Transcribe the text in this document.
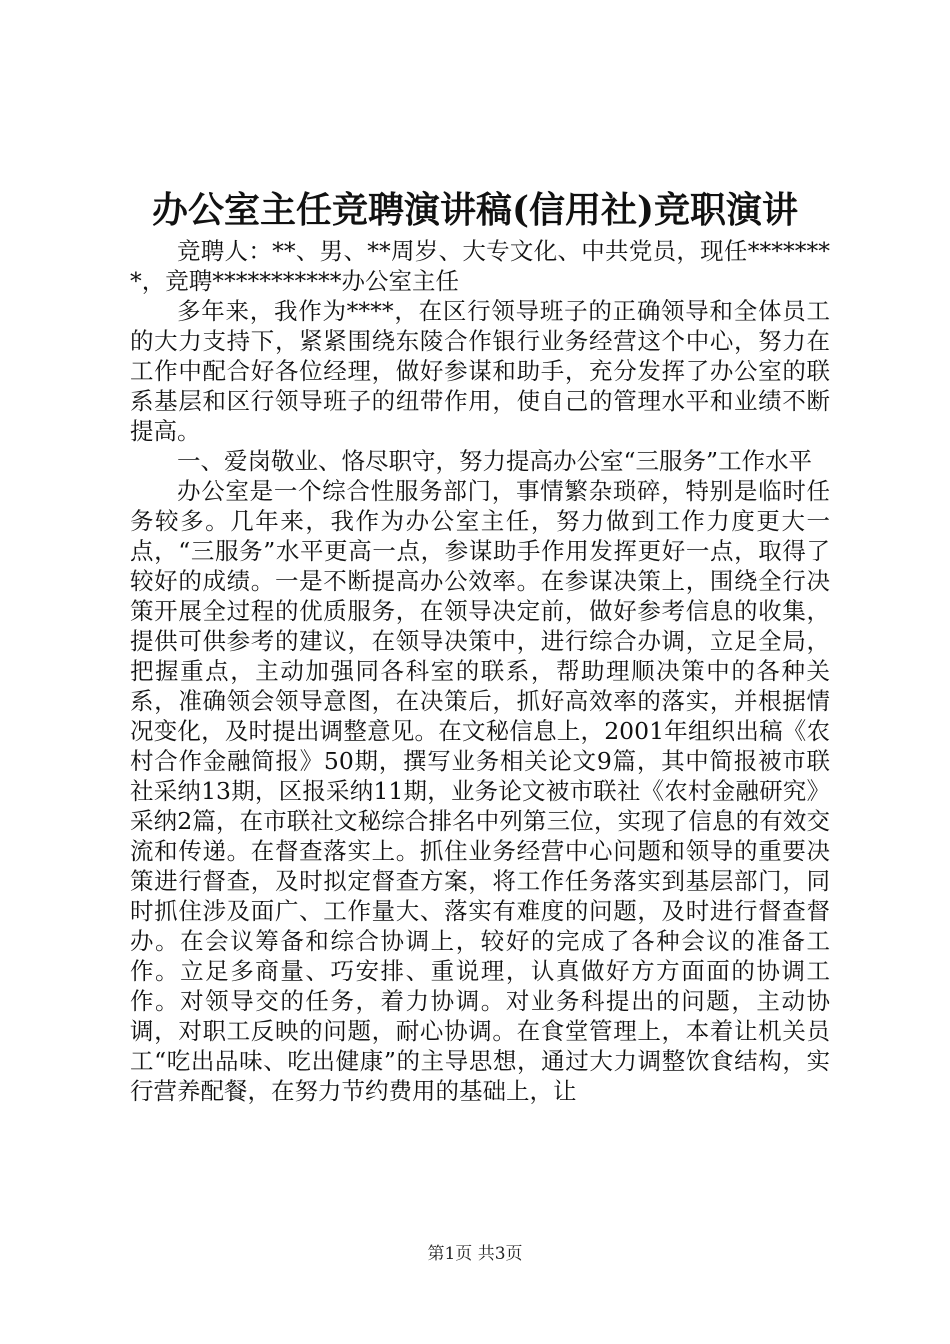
办公室主任竞聘演讲稿(信用社)竞职演讲

竞聘人：**、男、**周岁、大专文化、中共党员，现任********，竞聘***********办公室主任

多年来，我作为****，在区行领导班子的正确领导和全体员工的大力支持下，紧紧围绕东陵合作银行业务经营这个中心，努力在工作中配合好各位经理，做好参谋和助手，充分发挥了办公室的联系基层和区行领导班子的纽带作用，使自己的管理水平和业绩不断提高。

一、爱岗敬业、恪尽职守，努力提高办公室“三服务”工作水平

办公室是一个综合性服务部门，事情繁杂琐碎，特别是临时任务较多。几年来，我作为办公室主任，努力做到工作力度更大一点，“三服务”水平更高一点，参谋助手作用发挥更好一点，取得了较好的成绩。一是不断提高办公效率。在参谋决策上，围绕全行决策开展全过程的优质服务，在领导决定前，做好参考信息的收集，提供可供参考的建议，在领导决策中，进行综合办调，立足全局，把握重点，主动加强同各科室的联系，帮助理顺决策中的各种关系，准确领会领导意图，在决策后，抓好高效率的落实，并根据情况变化，及时提出调整意见。在文秘信息上，2001年组织出稿《农村合作金融简报》50期，撰写业务相关论文9篇，其中简报被市联社采纳13期，区报采纳11期，业务论文被市联社《农村金融研究》采纳2篇，在市联社文秘综合排名中列第三位，实现了信息的有效交流和传递。在督查落实上。抓住业务经营中心问题和领导的重要决策进行督查，及时拟定督查方案，将工作任务落实到基层部门，同时抓住涉及面广、工作量大、落实有难度的问题，及时进行督查督办。在会议筹备和综合协调上，较好的完成了各种会议的准备工作。立足多商量、巧安排、重说理，认真做好方方面面的协调工作。对领导交的任务，着力协调。对业务科提出的问题，主动协调，对职工反映的问题，耐心协调。在食堂管理上，本着让机关员工“吃出品味、吃出健康”的主导思想，通过大力调整饮食结构，实行营养配餐，在努力节约费用的基础上，让

第1页 共3页
